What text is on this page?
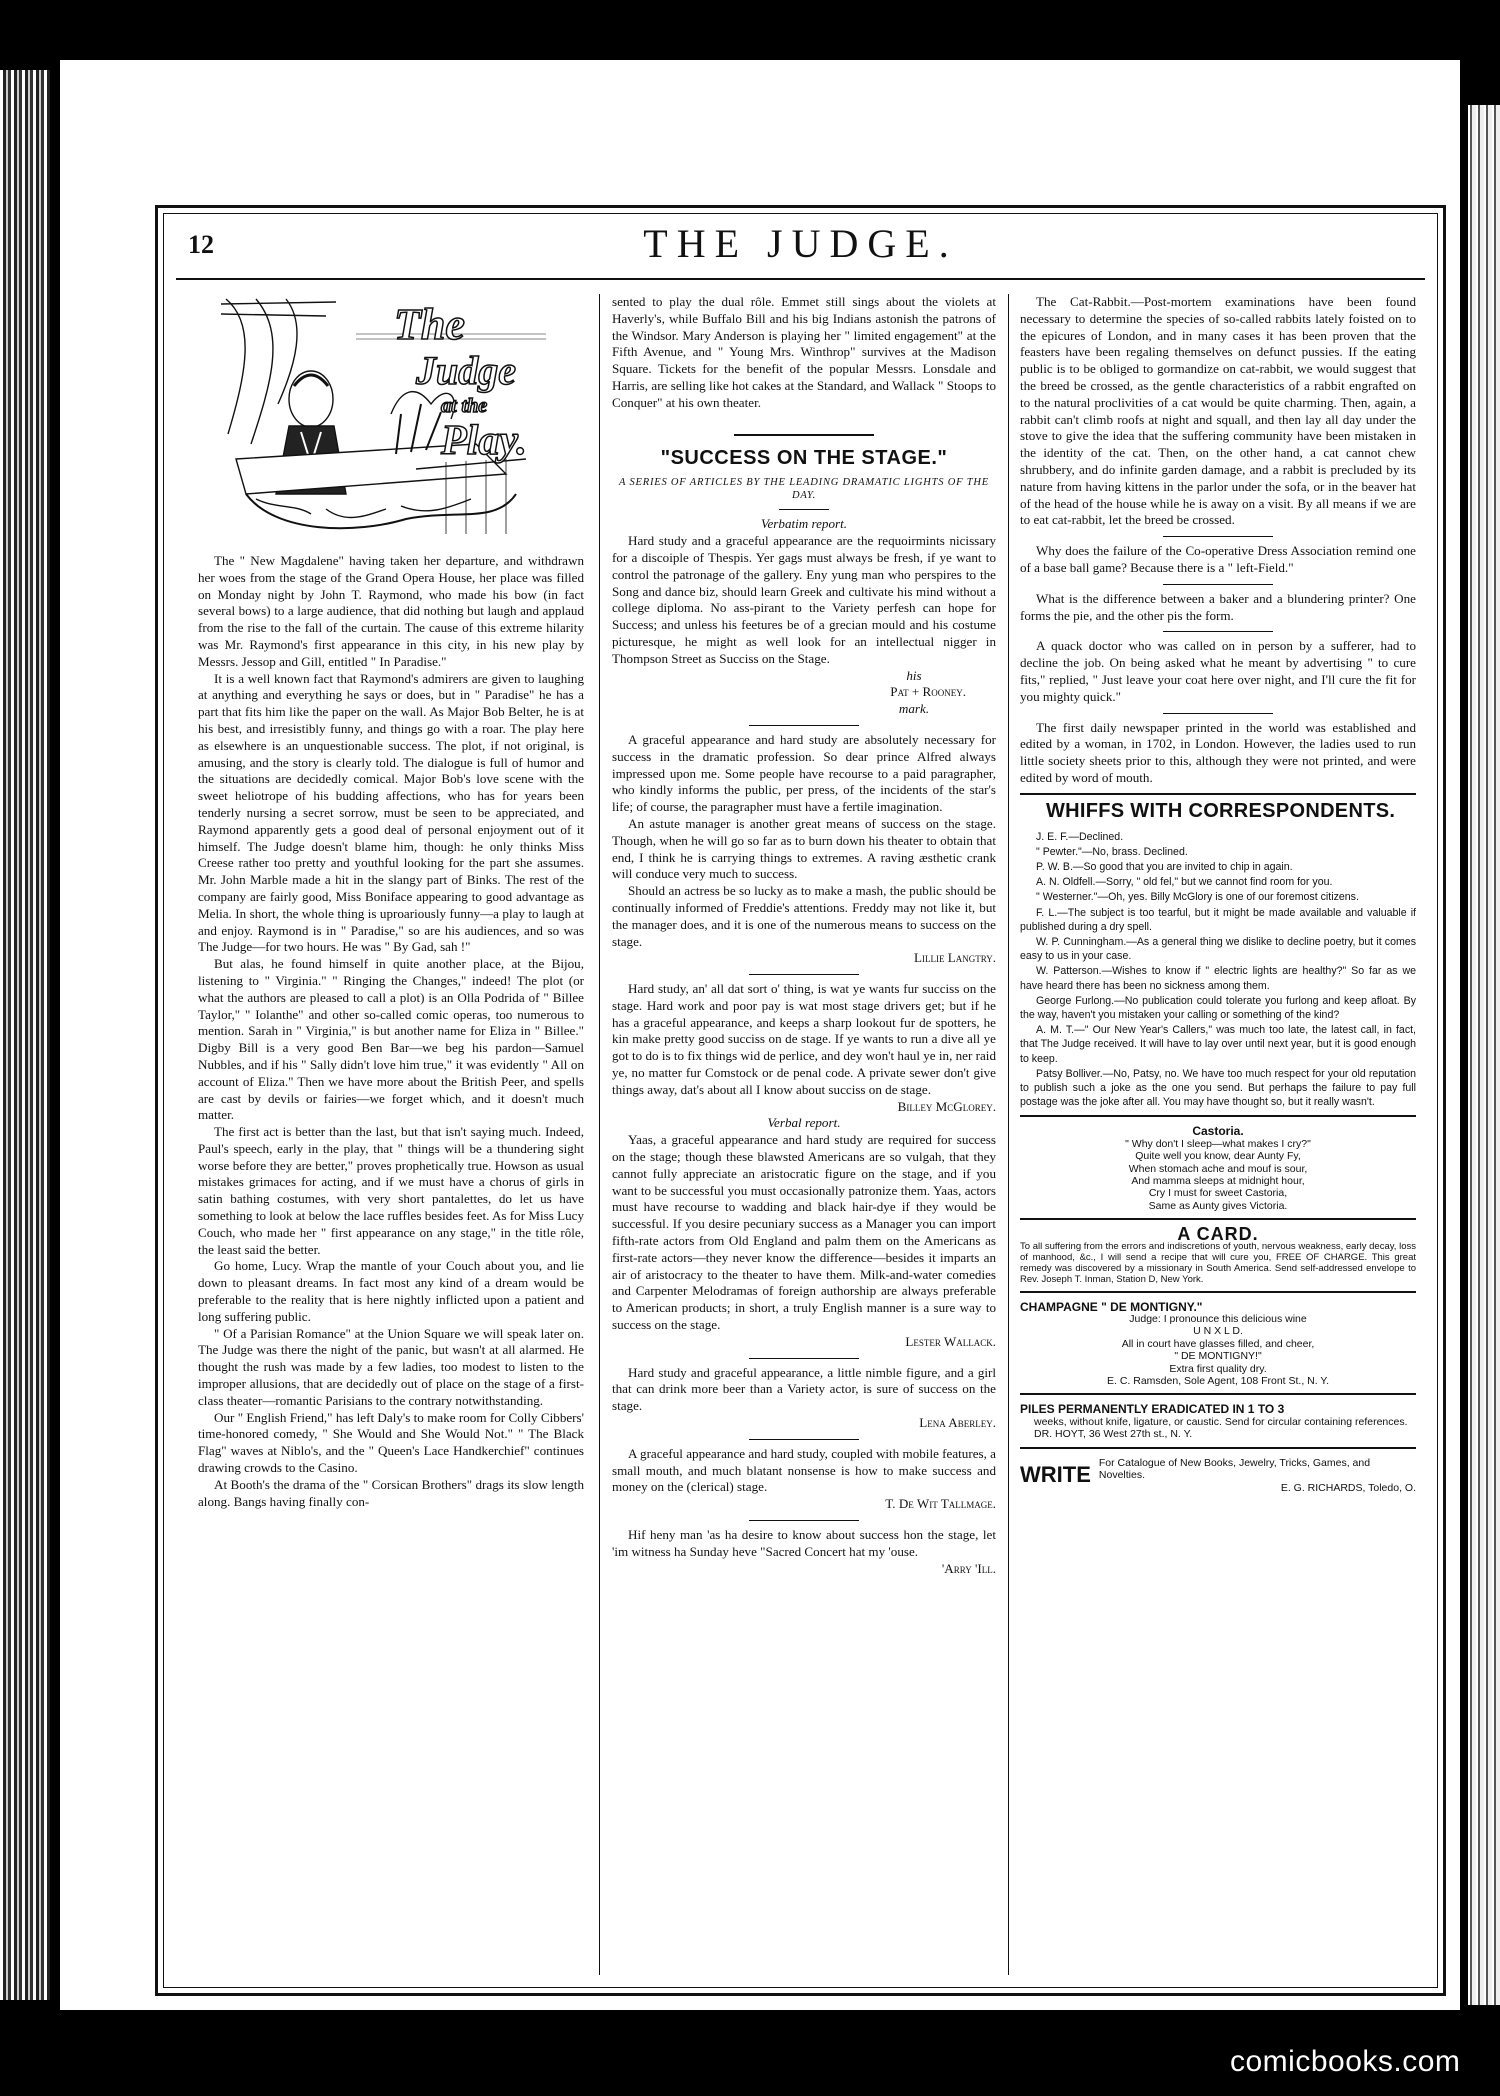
12	THE JUDGE.
The
Judge
at the
Play.

The " New Magdalene" having taken her departure, and withdrawn her woes from the stage of the Grand Opera House, her place was filled on Monday night by John T. Raymond, who made his bow (in fact several bows) to a large audience, that did nothing but laugh and applaud from the rise to the fall of the curtain. The cause of this extreme hilarity was Mr. Raymond's first appearance in this city, in his new play by Messrs. Jessop and Gill, entitled " In Paradise."

It is a well known fact that Raymond's admirers are given to laughing at anything and everything he says or does, but in " Paradise" he has a part that fits him like the paper on the wall. As Major Bob Belter, he is at his best, and irresistibly funny, and things go with a roar. The play here as elsewhere is an unquestionable success. The plot, if not original, is amusing, and the story is clearly told. The dialogue is full of humor and the situations are decidedly comical. Major Bob's love scene with the sweet heliotrope of his budding affections, who has for years been tenderly nursing a secret sorrow, must be seen to be appreciated, and Raymond apparently gets a good deal of personal enjoyment out of it himself. The Judge doesn't blame him, though: he only thinks Miss Creese rather too pretty and youthful looking for the part she assumes. Mr. John Marble made a hit in the slangy part of Binks. The rest of the company are fairly good, Miss Boniface appearing to good advantage as Melia. In short, the whole thing is uproariously funny—a play to laugh at and enjoy. Raymond is in " Paradise," so are his audiences, and so was The Judge—for two hours. He was " By Gad, sah !"

But alas, he found himself in quite another place, at the Bijou, listening to " Virginia." " Ringing the Changes," indeed! The plot (or what the authors are pleased to call a plot) is an Olla Podrida of " Billee Taylor," " Iolanthe" and other so-called comic operas, too numerous to mention. Sarah in " Virginia," is but another name for Eliza in " Billee." Digby Bill is a very good Ben Bar—we beg his pardon—Samuel Nubbles, and if his " Sally didn't love him true," it was evidently " All on account of Eliza." Then we have more about the British Peer, and spells are cast by devils or fairies—we forget which, and it doesn't much matter.

The first act is better than the last, but that isn't saying much. Indeed, Paul's speech, early in the play, that " things will be a thundering sight worse before they are better," proves prophetically true. Howson as usual mistakes grimaces for acting, and if we must have a chorus of girls in satin bathing costumes, with very short pantalettes, do let us have something to look at below the lace ruffles besides feet. As for Miss Lucy Couch, who made her " first appearance on any stage," in the title rôle, the least said the better.

Go home, Lucy. Wrap the mantle of your Couch about you, and lie down to pleasant dreams. In fact most any kind of a dream would be preferable to the reality that is here nightly inflicted upon a patient and long suffering public.

" Of a Parisian Romance" at the Union Square we will speak later on. The Judge was there the night of the panic, but wasn't at all alarmed. He thought the rush was made by a few ladies, too modest to listen to the improper allusions, that are decidedly out of place on the stage of a first-class theater—romantic Parisians to the contrary notwithstanding.

Our " English Friend," has left Daly's to make room for Colly Cibbers' time-honored comedy, " She Would and She Would Not." " The Black Flag" waves at Niblo's, and the " Queen's Lace Handkerchief" continues drawing crowds to the Casino.

At Booth's the drama of the " Corsican Brothers" drags its slow length along. Bangs having finally con-

sented to play the dual rôle. Emmet still sings about the violets at Haverly's, while Buffalo Bill and his big Indians astonish the patrons of the Windsor. Mary Anderson is playing her " limited engagement" at the Fifth Avenue, and " Young Mrs. Winthrop" survives at the Madison Square. Tickets for the benefit of the popular Messrs. Lonsdale and Harris, are selling like hot cakes at the Standard, and Wallack " Stoops to Conquer" at his own theater.

"SUCCESS ON THE STAGE."
A SERIES OF ARTICLES BY THE LEADING DRAMATIC LIGHTS OF THE DAY.

Verbatim report.

Hard study and a graceful appearance are the requoirmints nicissary for a discoiple of Thespis. Yer gags must always be fresh, if ye want to control the patronage of the gallery. Eny yung man who perspires to the Song and dance biz, should learn Greek and cultivate his mind without a college diploma. No ass-pirant to the Variety perfesh can hope for Success; and unless his feetures be of a grecian mould and his costume picturesque, he might as well look for an intellectual nigger in Thompson Street as Succiss on the Stage.

his
Pat + Rooney.
mark.

A graceful appearance and hard study are absolutely necessary for success in the dramatic profession. So dear prince Alfred always impressed upon me. Some people have recourse to a paid paragrapher, who kindly informs the public, per press, of the incidents of the star's life; of course, the paragrapher must have a fertile imagination.

An astute manager is another great means of success on the stage. Though, when he will go so far as to burn down his theater to obtain that end, I think he is carrying things to extremes. A raving æsthetic crank will conduce very much to success.

Should an actress be so lucky as to make a mash, the public should be continually informed of Freddie's attentions. Freddy may not like it, but the manager does, and it is one of the numerous means to success on the stage.

Lillie Langtry.

Hard study, an' all dat sort o' thing, is wat ye wants fur succiss on the stage. Hard work and poor pay is wat most stage drivers get; but if he has a graceful appearance, and keeps a sharp lookout fur de spotters, he kin make pretty good succiss on de stage. If ye wants to run a dive all ye got to do is to fix things wid de perlice, and dey won't haul ye in, ner raid ye, no matter fur Comstock or de penal code. A private sewer don't give things away, dat's about all I know about succiss on de stage.

Billey McGlorey.

Verbal report.

Yaas, a graceful appearance and hard study are required for success on the stage; though these blawsted Americans are so vulgah, that they cannot fully appreciate an aristocratic figure on the stage, and if you want to be successful you must occasionally patronize them. Yaas, actors must have recourse to wadding and black hair-dye if they would be successful. If you desire pecuniary success as a Manager you can import fifth-rate actors from Old England and palm them on the Americans as first-rate actors—they never know the difference—besides it imparts an air of aristocracy to the theater to have them. Milk-and-water comedies and Carpenter Melodramas of foreign authorship are always preferable to American products; in short, a truly English manner is a sure way to success on the stage.

Lester Wallack.

Hard study and graceful appearance, a little nimble figure, and a girl that can drink more beer than a Variety actor, is sure of success on the stage.

Lena Aberley.

A graceful appearance and hard study, coupled with mobile features, a small mouth, and much blatant nonsense is how to make success and money on the (clerical) stage.

T. De Wit Tallmage.

Hif heny man 'as ha desire to know about success hon the stage, let 'im witness ha Sunday heve "Sacred Concert hat my 'ouse.

'Arry 'Ill.

The Cat-Rabbit.—Post-mortem examinations have been found necessary to determine the species of so-called rabbits lately foisted on to the epicures of London, and in many cases it has been proven that the feasters have been regaling themselves on defunct pussies. If the eating public is to be obliged to gormandize on cat-rabbit, we would suggest that the breed be crossed, as the gentle characteristics of a rabbit engrafted on to the natural proclivities of a cat would be quite charming. Then, again, a rabbit can't climb roofs at night and squall, and then lay all day under the stove to give the idea that the suffering community have been mistaken in the identity of the cat. Then, on the other hand, a cat cannot chew shrubbery, and do infinite garden damage, and a rabbit is precluded by its nature from having kittens in the parlor under the sofa, or in the beaver hat of the head of the house while he is away on a visit. By all means if we are to eat cat-rabbit, let the breed be crossed.

Why does the failure of the Co-operative Dress Association remind one of a base ball game? Because there is a " left-Field."

What is the difference between a baker and a blundering printer? One forms the pie, and the other pis the form.

A quack doctor who was called on in person by a sufferer, had to decline the job. On being asked what he meant by advertising " to cure fits," replied, " Just leave your coat here over night, and I'll cure the fit for you mighty quick."

The first daily newspaper printed in the world was established and edited by a woman, in 1702, in London. However, the ladies used to run little society sheets prior to this, although they were not printed, and were edited by word of mouth.

WHIFFS WITH CORRESPONDENTS.

J. E. F.—Declined.

" Pewter."—No, brass. Declined.

P. W. B.—So good that you are invited to chip in again.

A. N. Oldfell.—Sorry, " old fel," but we cannot find room for you.

" Westerner."—Oh, yes. Billy McGlory is one of our foremost citizens.

F. L.—The subject is too tearful, but it might be made available and valuable if published during a dry spell.

W. P. Cunningham.—As a general thing we dislike to decline poetry, but it comes easy to us in your case.

W. Patterson.—Wishes to know if " electric lights are healthy?" So far as we have heard there has been no sickness among them.

George Furlong.—No publication could tolerate you furlong and keep afloat. By the way, haven't you mistaken your calling or something of the kind?

A. M. T.—" Our New Year's Callers," was much too late, the latest call, in fact, that The Judge received. It will have to lay over until next year, but it is good enough to keep.

Patsy Bolliver.—No, Patsy, no. We have too much respect for your old reputation to publish such a joke as the one you send. But perhaps the failure to pay full postage was the joke after all. You may have thought so, but it really wasn't.

Castoria.
" Why don't I sleep—what makes I cry?"
Quite well you know, dear Aunty Fy,
When stomach ache and mouf is sour,
And mamma sleeps at midnight hour,
Cry I must for sweet Castoria,
Same as Aunty gives Victoria.
A CARD.
To all suffering from the errors and indiscretions of youth, nervous weakness, early decay, loss of manhood, &c., I will send a recipe that will cure you, FREE OF CHARGE. This great remedy was discovered by a missionary in South America. Send self-addressed envelope to Rev. Joseph T. Inman, Station D, New York.
CHAMPAGNE " DE MONTIGNY."
Judge: I pronounce this delicious wine
U N X L D.
All in court have glasses filled, and cheer,
" DE MONTIGNY!"
Extra first quality dry.
E. C. Ramsden, Sole Agent, 108 Front St., N. Y.
PILES PERMANENTLY ERADICATED IN 1 TO 3
weeks, without knife, ligature, or caustic. Send for circular containing references. DR. HOYT, 36 West 27th st., N. Y.
WRITE For Catalogue of New Books, Jewelry, Tricks, Games, and Novelties.

E. G. RICHARDS, Toledo, O.
comicbooks.com
